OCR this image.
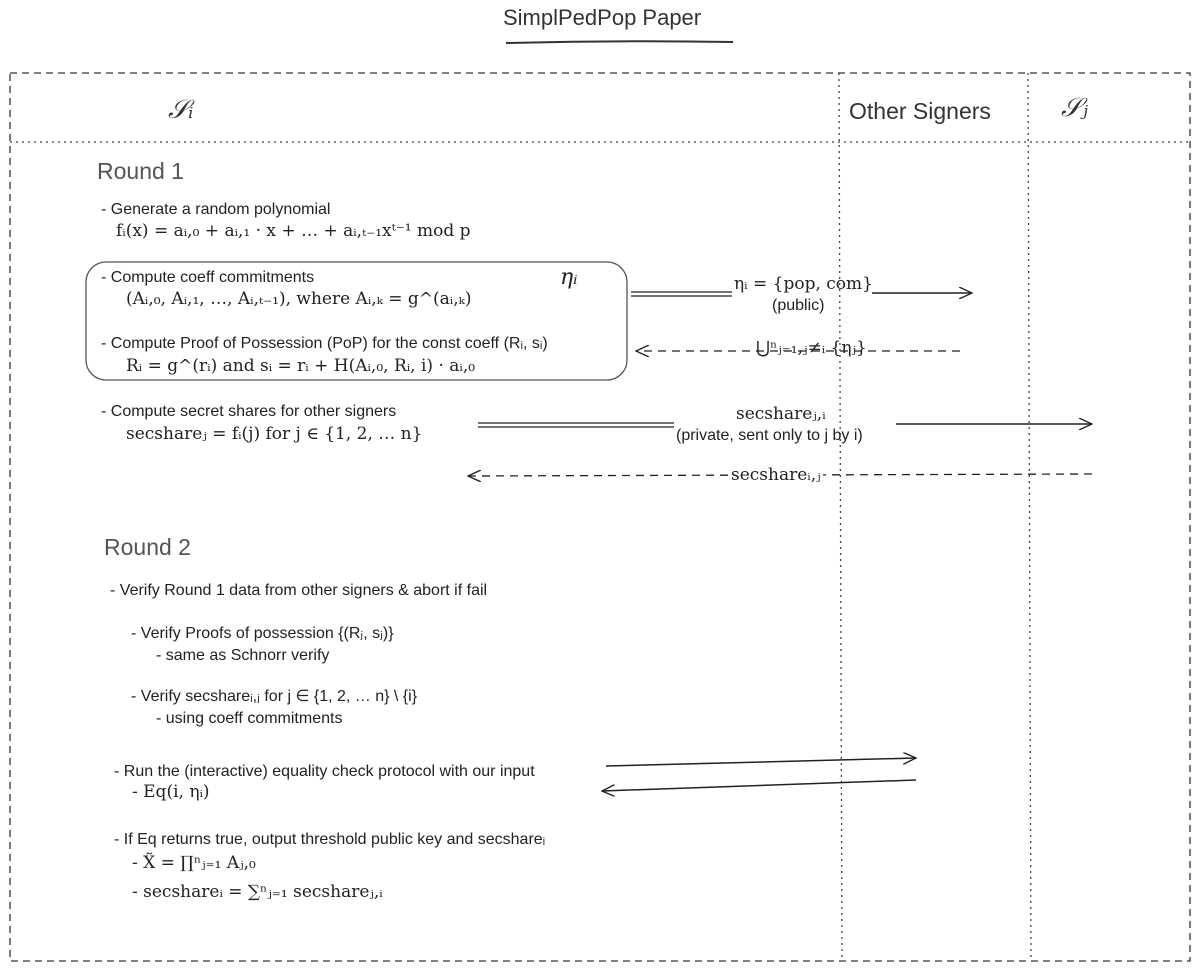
SimplPedPop Paper
𝒮ᵢ	Other Signers	𝒮ⱼ
Round 1
- Generate a random polynomial
fᵢ(x) = aᵢ,₀ + aᵢ,₁ · x + … + aᵢ,ₜ₋₁xᵗ⁻¹ mod p
- Compute coeff commitments
(Aᵢ,₀, Aᵢ,₁, …, Aᵢ,ₜ₋₁), where Aᵢ,ₖ = g^(aᵢ,ₖ)
ηᵢ
- Compute Proof of Possession (PoP) for the const coeff (Rᵢ, sᵢ)
Rᵢ = g^(rᵢ) and sᵢ = rᵢ + H(Aᵢ,₀, Rᵢ, i) · aᵢ,₀
- Compute secret shares for other signers
secshareⱼ = fᵢ(j) for j ∈ {1, 2, … n}
ηᵢ = {pop, com}
(public)
⋃ⁿⱼ₌₁,ⱼ≠ᵢ {ηⱼ}
secshareⱼ,ᵢ
(private, sent only to j by i)
secshareᵢ,ⱼ
Round 2
- Verify Round 1 data from other signers & abort if fail
- Verify Proofs of possession {(Rⱼ, sⱼ)}
- same as Schnorr verify
- Verify secshareᵢ,ⱼ for j ∈ {1, 2, … n} \ {i}
- using coeff commitments
- Run the (interactive) equality check protocol with our input
- Eq(i, ηᵢ)
- If Eq returns true, output threshold public key and secshareᵢ
- X̃ = ∏ⁿⱼ₌₁ Aⱼ,₀
- secshareᵢ = ∑ⁿⱼ₌₁ secshareⱼ,ᵢ
